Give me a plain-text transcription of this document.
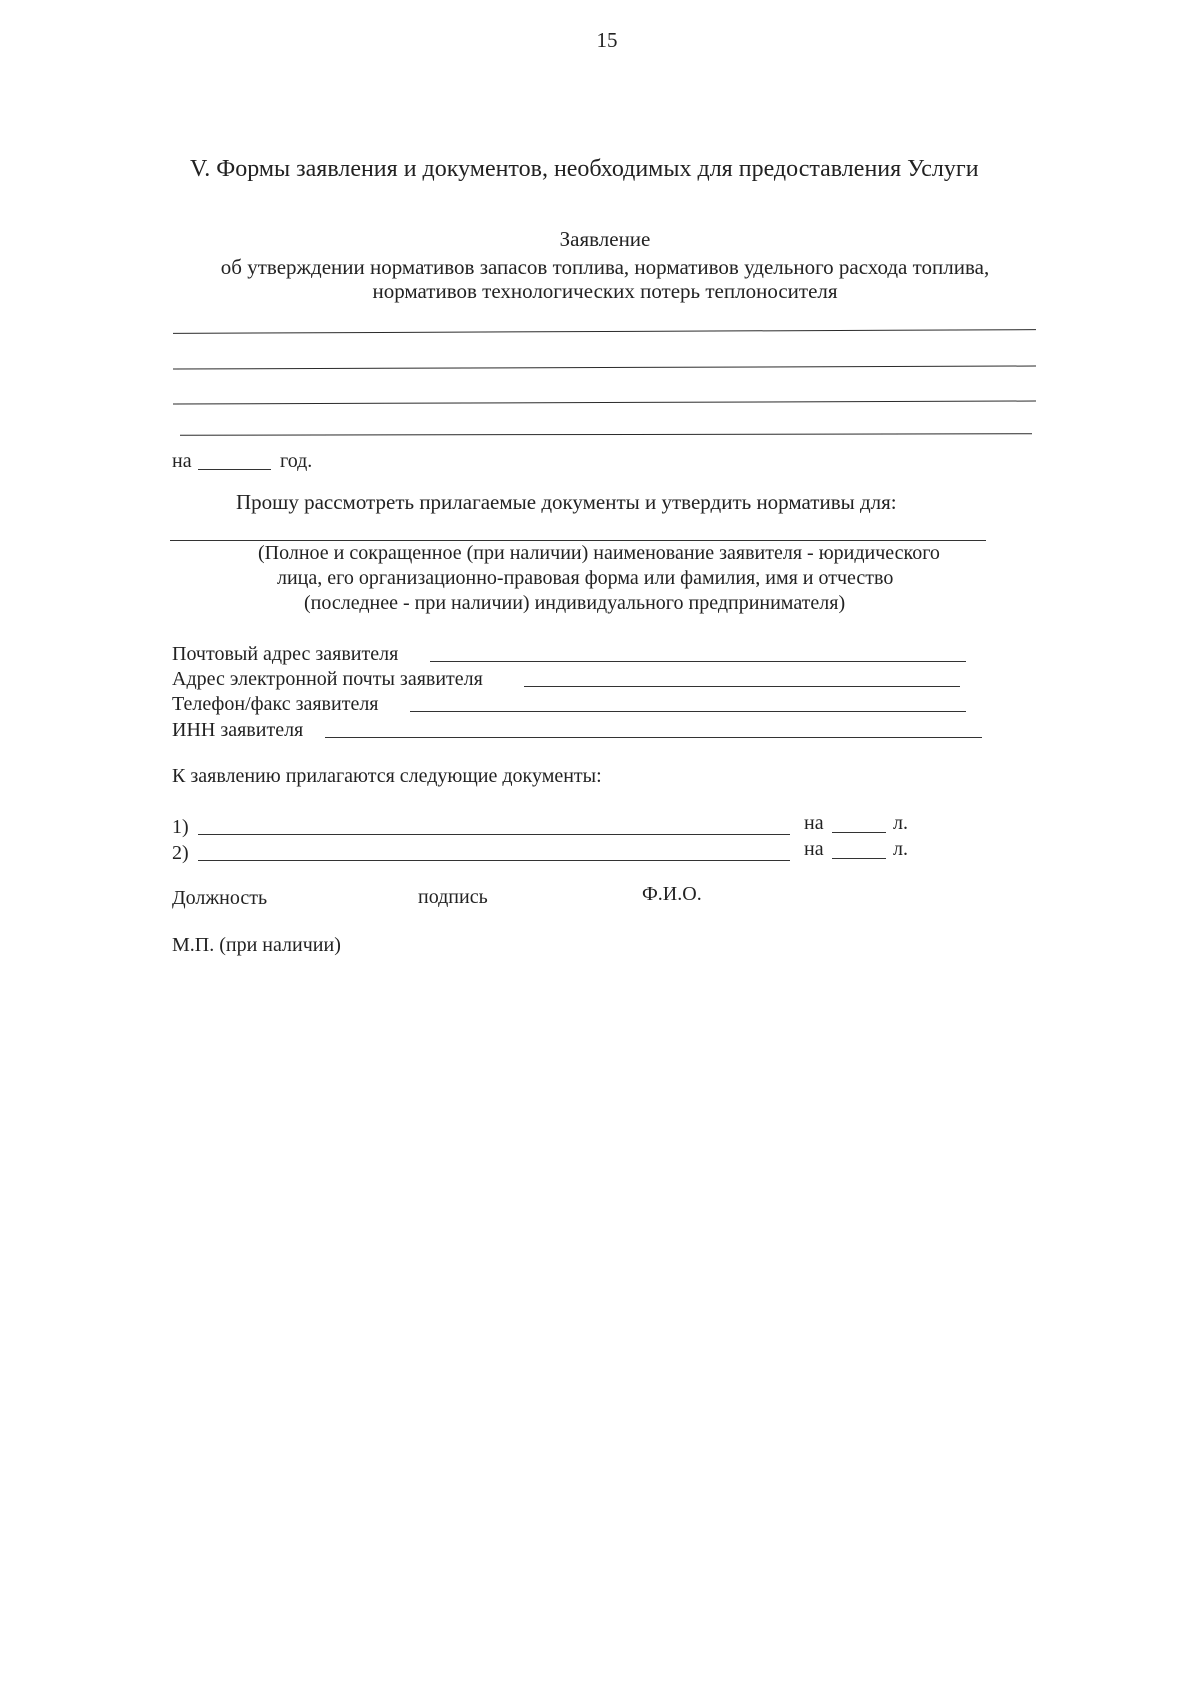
15
V. Формы заявления и документов, необходимых для предоставления Услуги
Заявление
об утверждении нормативов запасов топлива, нормативов удельного расхода топлива,
нормативов технологических потерь теплоносителя
на	год.
Прошу рассмотреть прилагаемые документы и утвердить нормативы для:
(Полное и сокращенное (при наличии) наименование заявителя - юридического
лица, его организационно-правовая форма или фамилия, имя и отчество
(последнее - при наличии) индивидуального предпринимателя)
Почтовый адрес заявителя
Адрес электронной почты заявителя
Телефон/факс заявителя
ИНН заявителя
К заявлению прилагаются следующие документы:
1)	на	л.
2)	на	л.
Должность	подпись	Ф.И.О.
М.П. (при наличии)
